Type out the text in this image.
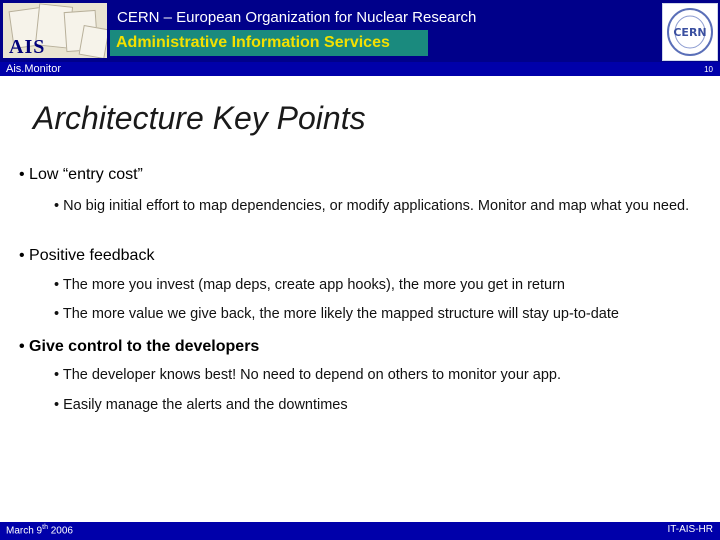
AIS
CERN – European Organization for Nuclear Research
Administrative Information Services
CERN
Ais.Monitor	10
Architecture Key Points
• Low “entry cost”
• No big initial effort to map dependencies, or modify applications. Monitor and map what you need.
• Positive feedback
• The more you invest (map deps, create app hooks), the more you get in return
• The more value we give back, the more likely the mapped structure will stay up-to-date
• Give control to the developers
• The developer knows best! No need to depend on others to monitor your app.
• Easily manage the alerts and the downtimes
March 9th 2006	IT-AIS-HR
